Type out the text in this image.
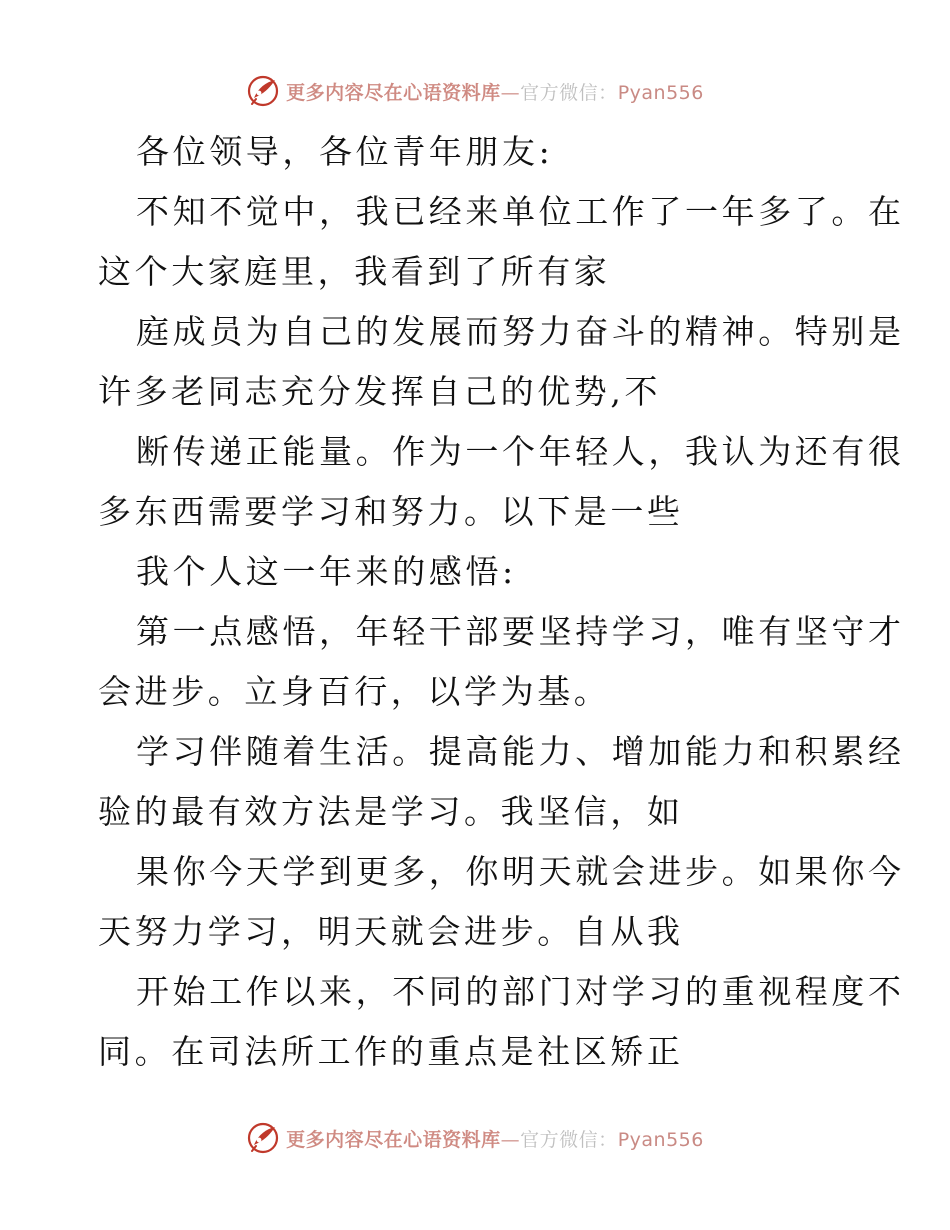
更多内容尽在心语资料库—官方微信：Pyan556
各位领导，各位青年朋友:
不知不觉中，我已经来单位工作了一年多了。在
这个大家庭里，我看到了所有家
庭成员为自己的发展而努力奋斗的精神。特别是
许多老同志充分发挥自己的优势,不
断传递正能量。作为一个年轻人，我认为还有很
多东西需要学习和努力。以下是一些
我个人这一年来的感悟:
第一点感悟，年轻干部要坚持学习，唯有坚守才
会进步。立身百行，以学为基。
学习伴随着生活。提高能力、增加能力和积累经
验的最有效方法是学习。我坚信，如
果你今天学到更多，你明天就会进步。如果你今
天努力学习，明天就会进步。自从我
开始工作以来，不同的部门对学习的重视程度不
同。在司法所工作的重点是社区矫正
更多内容尽在心语资料库—官方微信：Pyan556
